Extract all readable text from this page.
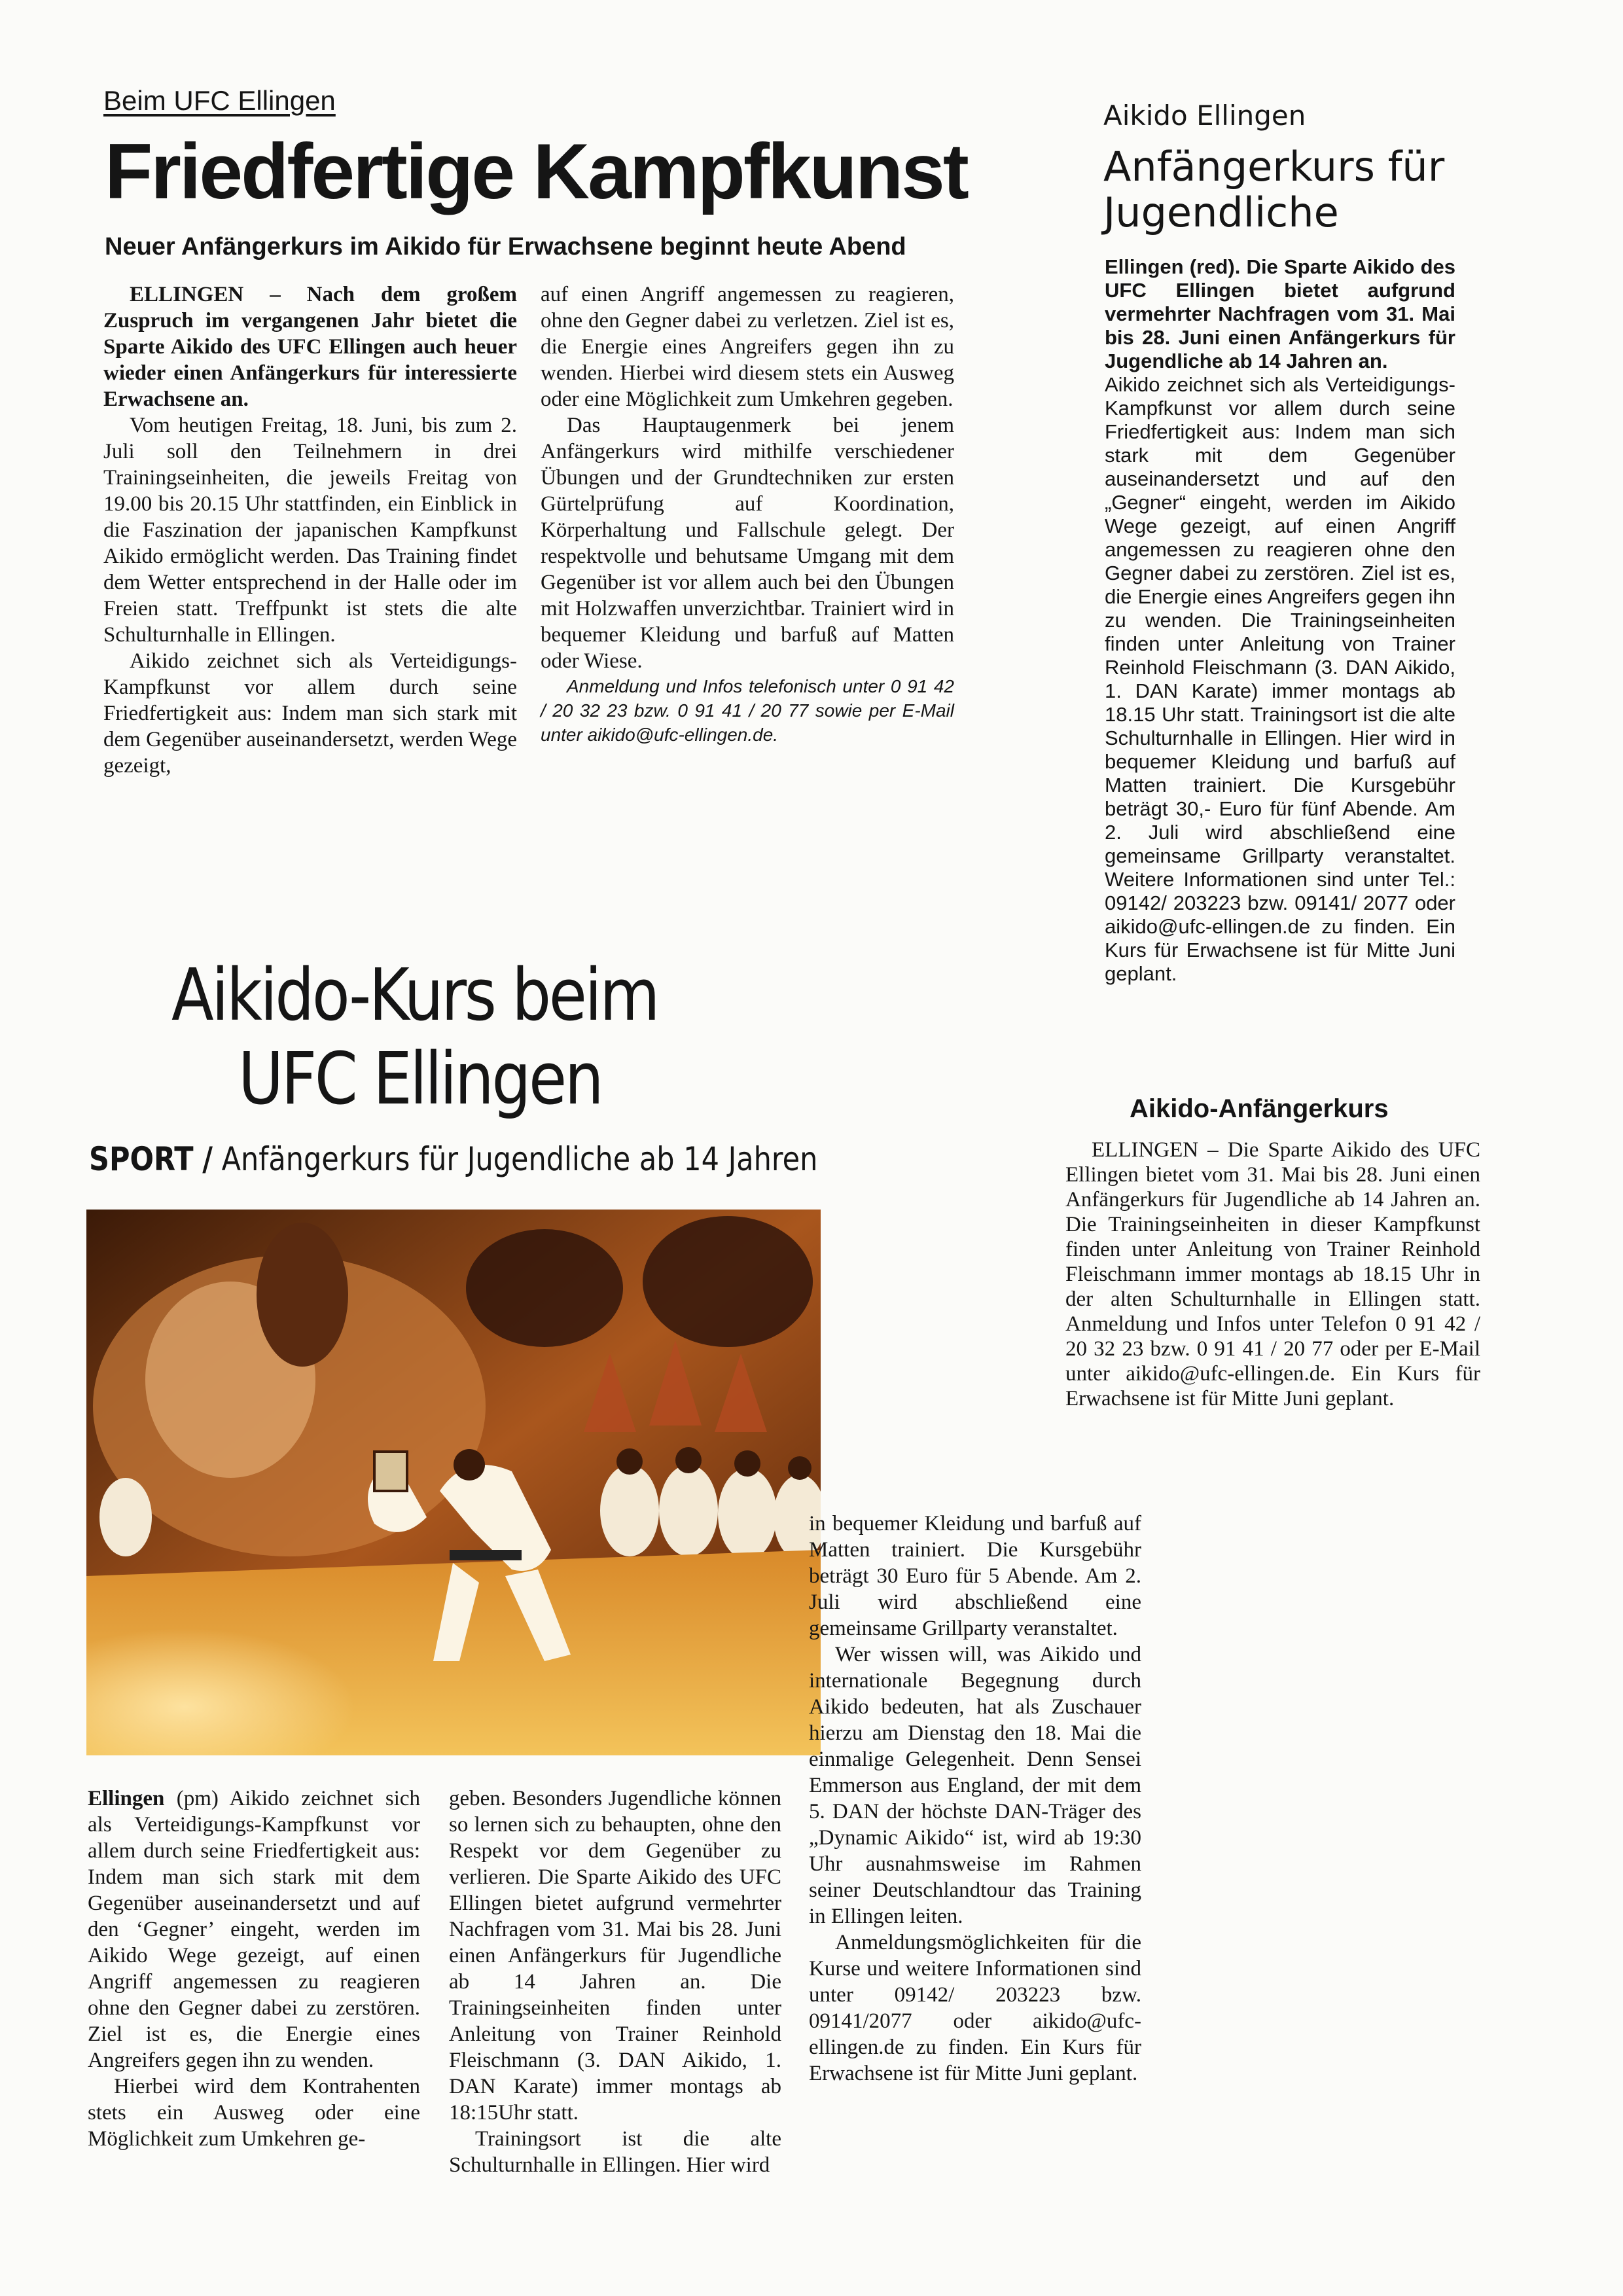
Beim UFC Ellingen
Friedfertige Kampfkunst
Neuer Anfängerkurs im Aikido für Erwachsene beginnt heute Abend

ELLINGEN – Nach dem großem Zuspruch im vergangenen Jahr bietet die Sparte Aikido des UFC Ellingen auch heuer wieder einen Anfängerkurs für interessierte Erwachsene an.

Vom heutigen Freitag, 18. Juni, bis zum 2. Juli soll den Teilnehmern in drei Trainingseinheiten, die jeweils Freitag von 19.00 bis 20.15 Uhr stattfinden, ein Einblick in die Faszination der japanischen Kampfkunst Aikido ermöglicht werden. Das Training findet dem Wetter entsprechend in der Halle oder im Freien statt. Treffpunkt ist stets die alte Schulturnhalle in Ellingen.

Aikido zeichnet sich als Verteidigungs-Kampfkunst vor allem durch seine Friedfertigkeit aus: Indem man sich stark mit dem Gegenüber auseinandersetzt, werden Wege gezeigt,

auf einen Angriff angemessen zu reagieren, ohne den Gegner dabei zu verletzen. Ziel ist es, die Energie eines Angreifers gegen ihn zu wenden. Hierbei wird diesem stets ein Ausweg oder eine Möglichkeit zum Umkehren gegeben.

Das Hauptaugenmerk bei jenem Anfängerkurs wird mithilfe verschiedener Übungen und der Grundtechniken zur ersten Gürtelprüfung auf Koordination, Körperhaltung und Fallschule gelegt. Der respektvolle und behutsame Umgang mit dem Gegenüber ist vor allem auch bei den Übungen mit Holzwaffen unverzichtbar. Trainiert wird in bequemer Kleidung und barfuß auf Matten oder Wiese.

Anmeldung und Infos telefonisch unter 0 91 42 / 20 32 23 bzw. 0 91 41 / 20 77 sowie per E-Mail unter aikido@ufc-ellingen.de.

Aikido Ellingen
Anfängerkurs für Jugendliche

Ellingen (red). Die Sparte Aikido des UFC Ellingen bietet aufgrund vermehrter Nachfragen vom 31. Mai bis 28. Juni einen Anfängerkurs für Jugendliche ab 14 Jahren an.

Aikido zeichnet sich als Verteidigungs-Kampfkunst vor allem durch seine Friedfertigkeit aus: Indem man sich stark mit dem Gegenüber auseinandersetzt und auf den „Gegner“ eingeht, werden im Aikido Wege gezeigt, auf einen Angriff angemessen zu reagieren ohne den Gegner dabei zu zerstören. Ziel ist es, die Energie eines Angreifers gegen ihn zu wenden. Die Trainingseinheiten finden unter Anleitung von Trainer Reinhold Fleischmann (3. DAN Aikido, 1. DAN Karate) immer montags ab 18.15 Uhr statt. Trainingsort ist die alte Schulturnhalle in Ellingen. Hier wird in bequemer Kleidung und barfuß auf Matten trainiert. Die Kursgebühr beträgt 30,- Euro für fünf Abende. Am 2. Juli wird abschließend eine gemeinsame Grillparty veranstaltet. Weitere Informationen sind unter Tel.: 09142/ 203223 bzw. 09141/ 2077 oder aikido@ufc-ellingen.de zu finden. Ein Kurs für Erwachsene ist für Mitte Juni geplant.

Aikido-Anfängerkurs

ELLINGEN – Die Sparte Aikido des UFC Ellingen bietet vom 31. Mai bis 28. Juni einen Anfängerkurs für Jugendliche ab 14 Jahren an. Die Trainingseinheiten in dieser Kampfkunst finden unter Anleitung von Trainer Reinhold Fleischmann immer montags ab 18.15 Uhr in der alten Schulturnhalle in Ellingen statt. Anmeldung und Infos unter Telefon 0 91 42 / 20 32 23 bzw. 0 91 41 / 20 77 oder per E-Mail unter aikido@ufc-ellingen.de. Ein Kurs für Erwachsene ist für Mitte Juni geplant.

Aikido-Kurs beim
UFC Ellingen
SPORT / Anfängerkurs für Jugendliche ab 14 Jahren

Ellingen (pm) Aikido zeichnet sich als Verteidigungs-Kampfkunst vor allem durch seine Friedfertigkeit aus: Indem man sich stark mit dem Gegenüber auseinandersetzt und auf den ‘Gegner’ eingeht, werden im Aikido Wege gezeigt, auf einen Angriff angemessen zu reagieren ohne den Gegner dabei zu zerstören. Ziel ist es, die Energie eines Angreifers gegen ihn zu wenden.

Hierbei wird dem Kontrahenten stets ein Ausweg oder eine Möglichkeit zum Umkehren ge-

geben. Besonders Jugendliche können so lernen sich zu behaupten, ohne den Respekt vor dem Gegenüber zu verlieren. Die Sparte Aikido des UFC Ellingen bietet aufgrund vermehrter Nachfragen vom 31. Mai bis 28. Juni einen Anfängerkurs für Jugendliche ab 14 Jahren an. Die Trainingseinheiten finden unter Anleitung von Trainer Reinhold Fleischmann (3. DAN Aikido, 1. DAN Karate) immer montags ab 18:15Uhr statt.

Trainingsort ist die alte Schulturnhalle in Ellingen. Hier wird

in bequemer Kleidung und barfuß auf Matten trainiert. Die Kursgebühr beträgt 30 Euro für 5 Abende. Am 2. Juli wird abschließend eine gemeinsame Grillparty veranstaltet.

Wer wissen will, was Aikido und internationale Begegnung durch Aikido bedeuten, hat als Zuschauer hierzu am Dienstag den 18. Mai die einmalige Gelegenheit. Denn Sensei Emmerson aus England, der mit dem 5. DAN der höchste DAN-Träger des „Dynamic Aikido“ ist, wird ab 19:30 Uhr ausnahmsweise im Rahmen seiner Deutschlandtour das Training in Ellingen leiten.

Anmeldungsmöglichkeiten für die Kurse und weitere Informationen sind unter 09142/ 203223 bzw. 09141/2077 oder aikido@ufc-ellingen.de zu finden. Ein Kurs für Erwachsene ist für Mitte Juni geplant.
